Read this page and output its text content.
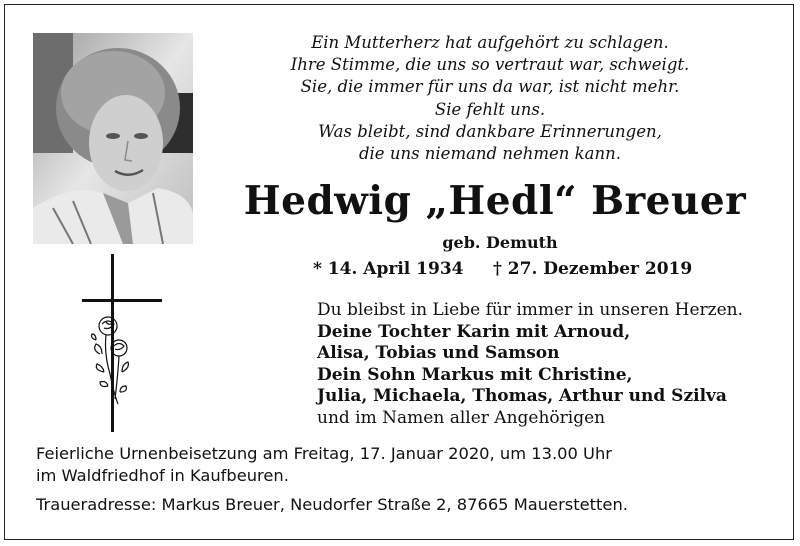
Ein Mutterherz hat aufgehört zu schlagen.
Ihre Stimme, die uns so vertraut war, schweigt.
Sie, die immer für uns da war, ist nicht mehr.
Sie fehlt uns.
Was bleibt, sind dankbare Erinnerungen,
die uns niemand nehmen kann.
Hedwig „Hedl“ Breuer
geb. Demuth
* 14. April 1934 † 27. Dezember 2019
Du bleibst in Liebe für immer in unseren Herzen.
Deine Tochter Karin mit Arnoud,
Alisa, Tobias und Samson
Dein Sohn Markus mit Christine,
Julia, Michaela, Thomas, Arthur und Szilva
und im Namen aller Angehörigen
Feierliche Urnenbeisetzung am Freitag, 17. Januar 2020, um 13.00 Uhr
im Waldfriedhof in Kaufbeuren.
Traueradresse: Markus Breuer, Neudorfer Straße 2, 87665 Mauerstetten.
